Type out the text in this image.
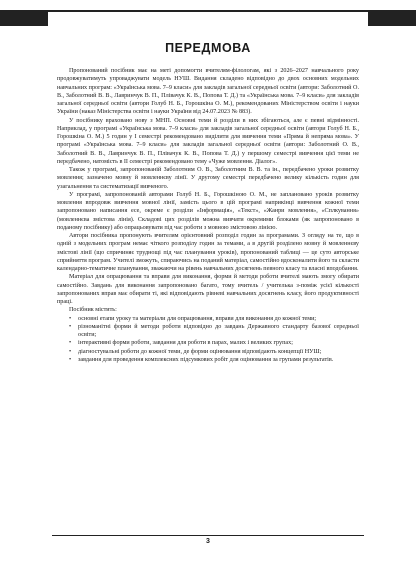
ПЕРЕДМОВА

Пропонований посібник має на меті допомогти вчителям-філологам, які з 2026–2027 навчального року продовжуватимуть упроваджувати модель НУШ. Видання складено відповідно до двох основних модельних навчальних програм: «Українська мова. 7–9 класи» для закладів загальної середньої освіти (автори: Заболотний О. В., Заболотний В. В., Лавринчук В. П., Плівачук К. В., Попова Т. Д.) та «Українська мова. 7–9 класи» для закладів загальної середньої освіти (автори Голуб Н. Б., Горошкіна О. М.), рекомендованих Міністерством освіти і науки України (наказ Міністерства освіти і науки України від 24.07.2023 № 883).

У посібнику враховано нову з МНП. Основні теми й розділи в них збігаються, але є певні відмінності. Наприклад, у програмі «Українська мова. 7–9 класи» для закладів загальної середньої освіти (автори Голуб Н. Б., Горошкіна О. М.) 5 годин у І семестрі рекомендовано виділити для вивчення теми «Пряма й непряма мова». У програмі «Українська мова. 7–9 класи» для закладів загальної середньої освіти (автори: Заболотний О. В., Заболотний В. В., Лавринчук В. П., Плівачук К. В., Попова Т. Д.) у першому семестрі вивчення цієї теми не передбачено, натомість в ІІ семестрі рекомендовано тему «Чуже мовлення. Діалог».

Також у програмі, запропонованій Заболотним О. В., Заболотним В. В. та ін., передбачено уроки розвитку мовлення; зазначено мовну й мовленнєву лінії. У другому семестрі передбачено велику кількість годин для узагальнення та систематизації вивченого.

У програмі, запропонованій авторами Голуб Н. Б., Горошкіною О. М., не заплановано уроків розвитку мовлення впродовж вивчення мовної лінії, замість цього в цій програмі наприкінці вивчення кожної теми запропоновано написання есе, окреме є розділи «Інформація», «Текст», «Жанри мовлення», «Сплкування» (мовленнєва змістова лінія). Складові цих розділів можна вивчати окремими блоками (як запропоновано в поданому посібнику) або опрацьовувати під час роботи з мовною змістовою лінією.

Автори посібника пропонують вчителям орієнтовний розподіл годин за програмами. З огляду на те, що в одній з модельних програм немає чіткого розподілу годин за темами, а в другій розділено мовну й мовленнєву змістові лінії (що спричиняє труднощі під час планування уроків), пропонований таблиці — це суто авторське сприйняття програм. Учителі зможуть, спираючись на поданий матеріал, самостійно вдосконалити його та скласти календарно-тематичне планування, зважаючи на рівень навчальних досягнень певного класу та власні вподобання.

Матеріал для опрацювання та вправи для виконання, форми й методи роботи вчителі мають змогу обирати самостійно. Завдань для виконання запропоновано багато, тому вчитель / учителька з-поміж усієї кількості запропонованих вправ має обирати ті, які відповідають рівневі навчальних досягнень класу, його продуктивності праці.

Посібник містить:

• основні етапи уроку та матеріали для опрацювання, вправи для виконання до кожної теми;
• різноманітні форми й методи роботи відповідно до завдань Державного стандарту базової середньої освіти;
• інтерактивні форми роботи, завдання для роботи в парах, малих і великих групах;
• діагностувальні роботи до кожної теми, де форми оцінювання відповідають концепції НУШ;
• завдання для проведення комплексних підсумкових робіт для оцінювання за групами результатів.
3
